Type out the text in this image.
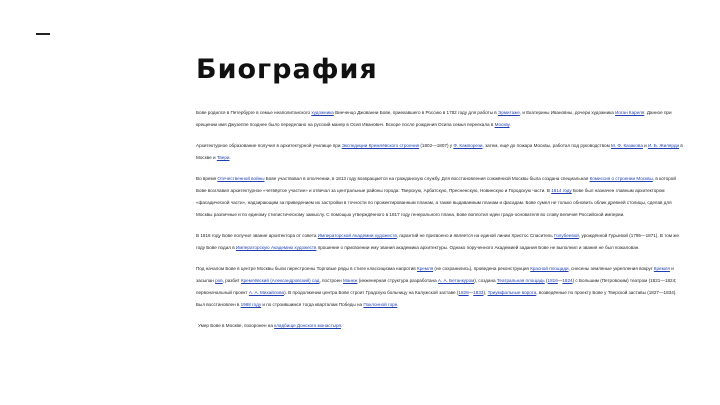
Биография

Бове родился в Петербурге в семье неаполитанского художника Винченцо Джованни Бове, приехавшего в Россию в 1782 году для работы в Эрмитаже, и Екатерины Ивановны, дочери художника Иоган Кареля. Данное при крещении имя Джузеппе позднее было переделано на русский манер в Осип Иванович. Вскоре после рождения Осипа семья переехала в Москву.

Архитектурное образование получил в архитектурной училище при Экспедиции Кремлёвского строения (1802—1807) у Ф. Кампорези, затем, ещё до пожара Москвы, работал под руководством М. Ф. Казакова и И. Б. Жилярди в Москве и Твери.

Во время Отечественной войны Бове участвовал в ополчении, в 1813 году возвращается на гражданскую службу. Для восстановления сожжённой Москвы была создана специальная Комиссия о строении Москвы, в которой Бове возглавил архитектурное «четвёртое участие» и отвечал за центральные районы города: Тверскую, Арбатскую, Пресненскую, Новинскую и Городскую части. В 1814 году Бове был назначен главным архитектором «фасадической части», надзирающим за приведением их застройки в точности по прожектированным планам, а также выдаваемым планам и фасадам. Бове сумел не только обновить облик древней столицы, сделав для Москвы различные и по единому стилистическому замыслу. С помощью утверждённого в 1817 году генерального плана, Бове воплотил идеи градо-основателя во славу величия Российской империи.

В 1816 году Бове получил звание архитектора от совета Императорской Академии художеств, гарантий не присвоено и является на единой линии Христос Спаситель Голубеевой, урождённой Гурьевой (1795—1871). В том же году Бове подал в Императорскую Академию художеств прошение о присвоении ему звания академика архитектуры. Однако порученного Академией задания Бове не выполнил и звания не был пожалован.

Под началом Бове в центре Москвы были перестроены Торговые ряды в стиле классицизма напротив Кремля (не сохранились), проведена реконструкция Красной площади, снесены земляные укрепления вокруг Кремля и засыпан ров, разбит Кремлёвский (Александровский) сад, построен Манеж (инженерная структура разработана А. А. Бетанкуром), создана Театральная площадь (1816—1824) с Большим (Петровским) театром (1821—1824; первоначальный проект А. А. Михайлова). В продолжении центра Бове строит Градскую больницу на Калужской заставе (1828—1833), Триумфальные ворота, возведённые по проекту Бове у Тверской заставы (1827—1834). Был восстановлен в 1968 году и по строившимся тогда кварталам Победы на Поклонной горе.

Умер Бове в Москве, похоронен на кладбище Донского монастыря.
